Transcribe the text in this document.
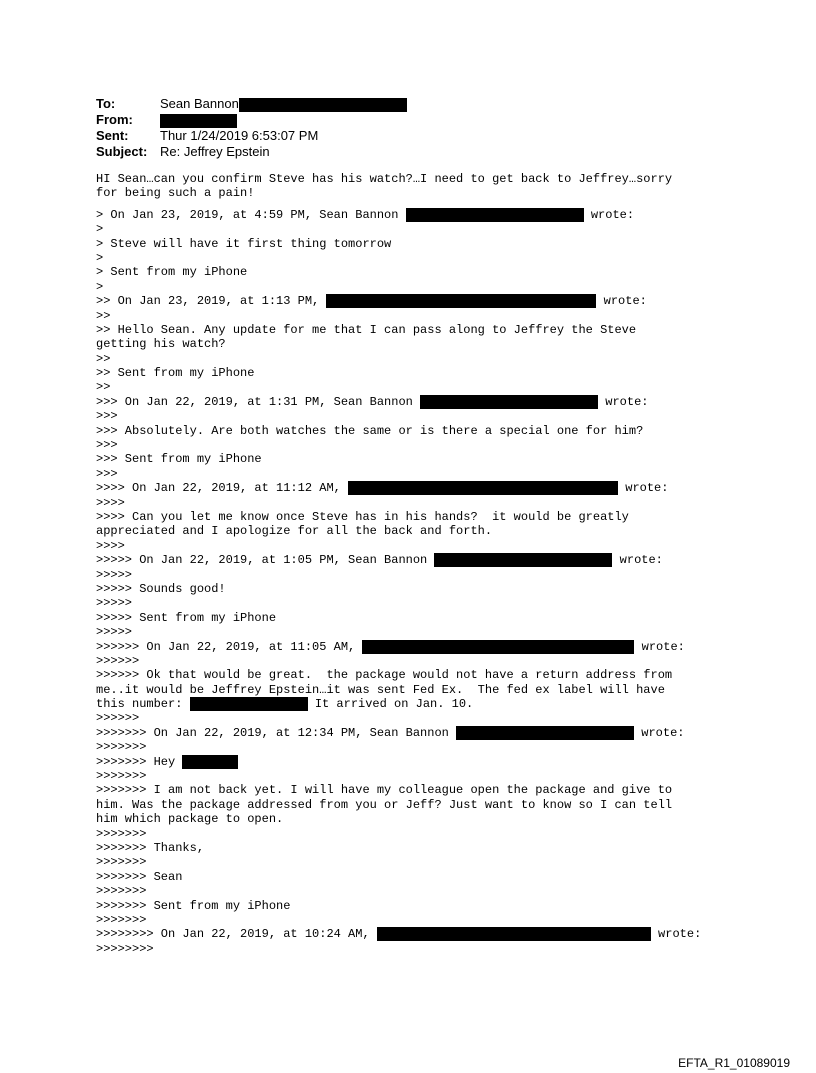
To:	Sean Bannon
From:
Sent: Thur 1/24/2019 6:53:07 PM
Subject: Re: Jeffrey Epstein
HI Sean…can you confirm Steve has his watch?…I need to get back to Jeffrey…sorry
for being such a pain!
> On Jan 23, 2019, at 4:59 PM, Sean Bannon	wrote:
>
> Steve will have it first thing tomorrow
>
> Sent from my iPhone
>
>> On Jan 23, 2019, at 1:13 PM,	wrote:
>>
>> Hello Sean. Any update for me that I can pass along to Jeffrey the Steve
getting his watch?
>>
>> Sent from my iPhone
>>
>>> On Jan 22, 2019, at 1:31 PM, Sean Bannon	wrote:
>>>
>>> Absolutely. Are both watches the same or is there a special one for him?
>>>
>>> Sent from my iPhone
>>>
>>>> On Jan 22, 2019, at 11:12 AM,	wrote:
>>>>
>>>> Can you let me know once Steve has in his hands?  it would be greatly
appreciated and I apologize for all the back and forth.
>>>>
>>>>> On Jan 22, 2019, at 1:05 PM, Sean Bannon	wrote:
>>>>>
>>>>> Sounds good!
>>>>>
>>>>> Sent from my iPhone
>>>>>
>>>>>> On Jan 22, 2019, at 11:05 AM,	wrote:
>>>>>>
>>>>>> Ok that would be great.  the package would not have a return address from
me..it would be Jeffrey Epstein…it was sent Fed Ex.  The fed ex label will have
this number:	It arrived on Jan. 10.
>>>>>>
>>>>>>> On Jan 22, 2019, at 12:34 PM, Sean Bannon	wrote:
>>>>>>>
>>>>>>> Hey
>>>>>>>
>>>>>>> I am not back yet. I will have my colleague open the package and give to
him. Was the package addressed from you or Jeff? Just want to know so I can tell
him which package to open.
>>>>>>>
>>>>>>> Thanks,
>>>>>>>
>>>>>>> Sean
>>>>>>>
>>>>>>> Sent from my iPhone
>>>>>>>
>>>>>>>> On Jan 22, 2019, at 10:24 AM,	wrote:
>>>>>>>>
EFTA_R1_01089019
